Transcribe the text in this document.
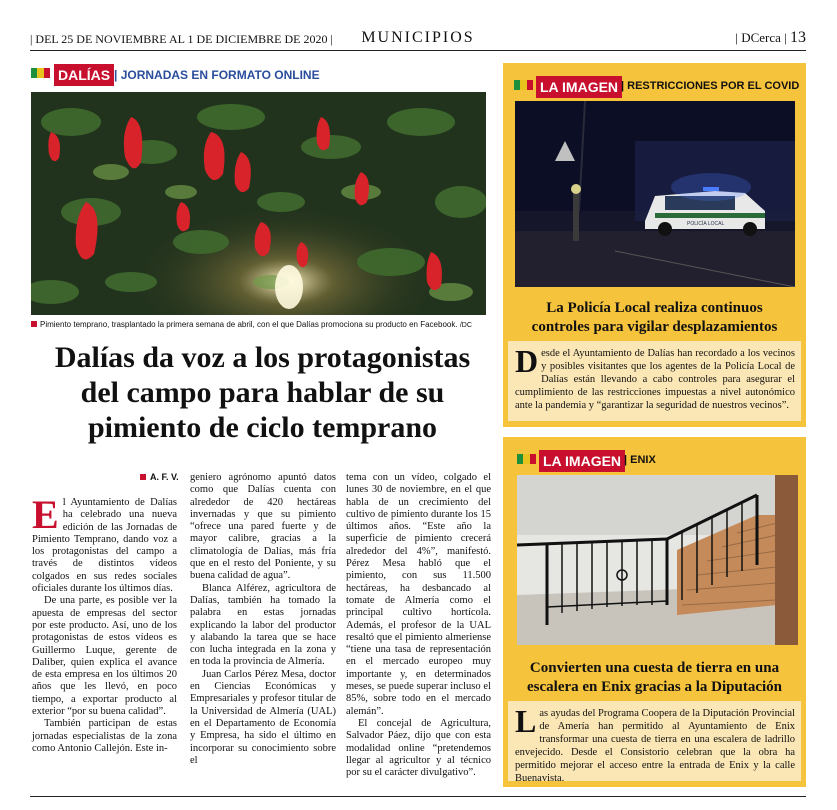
| DEL 25 DE NOVIEMBRE AL 1 DE DICIEMBRE DE 2020 |	MUNICIPIOS	| DCerca | 13
DALÍAS | JORNADAS EN FORMATO ONLINE
Pimiento temprano, trasplantado la primera semana de abril, con el que Dalías promociona su producto en Facebook. /DC
Dalías da voz a los protagonistas
del campo para hablar de su
pimiento de ciclo temprano
A. F. V.

El Ayuntamiento de Dalías ha celebrado una nueva edición de las Jornadas de Pimiento Temprano, dando voz a los protagonistas del campo a través de distintos vídeos colgados en sus redes sociales oficiales durante los últimos días.

De una parte, es posible ver la apuesta de empresas del sector por este producto. Así, uno de los protagonistas de estos vídeos es Guillermo Luque, gerente de Daliber, quien explica el avance de esta empresa en los últimos 20 años que les llevó, en poco tiempo, a exportar producto al exterior “por su buena calidad”.

También participan de estas jornadas especialistas de la zona como Antonio Callejón. Este in-

geniero agrónomo apuntó datos como que Dalías cuenta con alrededor de 420 hectáreas invernadas y que su pimiento “ofrece una pared fuerte y de mayor calibre, gracias a la climatología de Dalías, más fría que en el resto del Poniente, y su buena calidad de agua”.

Blanca Alférez, agricultora de Dalías, también ha tomado la palabra en estas jornadas explicando la labor del productor y alabando la tarea que se hace con lucha integrada en la zona y en toda la provincia de Almería.

Juan Carlos Pérez Mesa, doctor en Ciencias Económicas y Empresariales y profesor titular de la Universidad de Almería (UAL) en el Departamento de Economía y Empresa, ha sido el último en incorporar su conocimiento sobre el

tema con un vídeo, colgado el lunes 30 de noviembre, en el que habla de un crecimiento del cultivo de pimiento durante los 15 últimos años. “Este año la superficie de pimiento crecerá alrededor del 4%”, manifestó. Pérez Mesa habló que el pimiento, con sus 11.500 hectáreas, ha desbancado al tomate de Almería como el principal cultivo hortícola. Además, el profesor de la UAL resaltó que el pimiento almeriense “tiene una tasa de representación en el mercado europeo muy importante y, en determinados meses, se puede superar incluso el 85%, sobre todo en el mercado alemán”.

El concejal de Agricultura, Salvador Páez, dijo que con esta modalidad online “pretendemos llegar al agricultor y al técnico por su el carácter divulgativo”.

LA IMAGEN | RESTRICCIONES POR EL COVID
POLICÍA LOCAL
La Policía Local realiza continuos
controles para vigilar desplazamientos
Desde el Ayuntamiento de Dalías han recordado a los vecinos y posibles visitantes que los agentes de la Policía Local de Dalías están llevando a cabo controles para asegurar el cumplimiento de las restricciones impuestas a nivel autonómico ante la pandemia y “garantizar la seguridad de nuestros vecinos”.
LA IMAGEN | ENIX
Convierten una cuesta de tierra en una
escalera en Enix gracias a la Diputación
Las ayudas del Programa Coopera de la Diputación Provincial de Amería han permitido al Ayuntamiento de Enix transformar una cuesta de tierra en una escalera de ladrillo envejecido. Desde el Consistorio celebran que la obra ha permitido mejorar el acceso entre la entrada de Enix y la calle Buenavista.
